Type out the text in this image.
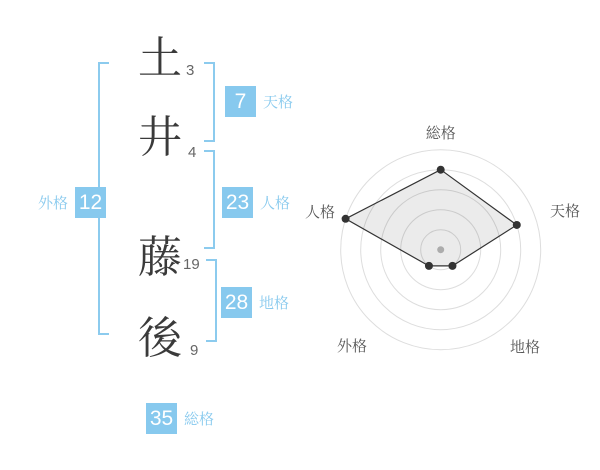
土
井
藤
後
3
4
19
9
7	天格
23 人格
28 地格
外格 12
35 総格
総格
天格
地格
外格
人格
